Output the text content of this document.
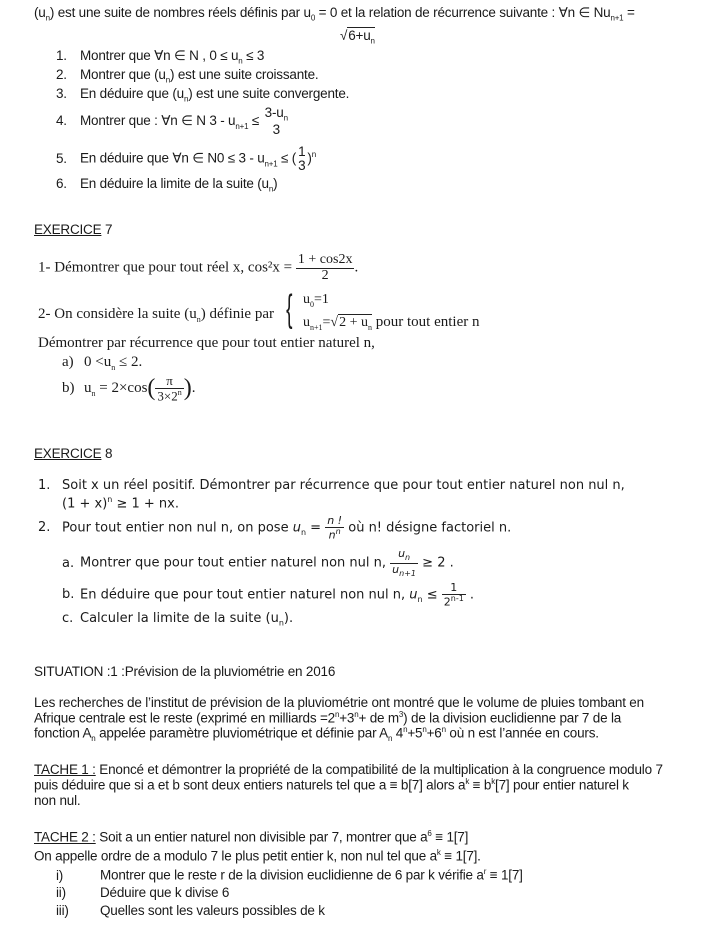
$(u_n)$ est une suite de nombres réels définis par $u_0 = 0$ et la relation de récurrence suivante : ∀n ∈ $Nu_{n+1}$ =
$√6+u_n$
1. Montrer que ∀n ∈ N , $0 \le u_n \le 3$
2. Montrer que $(u_n)$ est une suite croissante.
3. En déduire que $(u_n)$ est une suite convergente.
4. Montrer que : ∀n ∈ N $3 - u_{n+1}$ ≤
$3-u_n$
3
5. En déduire que ∀n ∈ $N0 \le 3 - u_{n+1}$ ≤ ( 1
3 )$^n$
6. En déduire la limite de la suite $(u_n)$
EXERCICE 7
1- Démontrer que pour tout réel x, $\cos^2x = \frac{1 + \cos 2x}{2}$ .
2- On considère la suite $(u_n)$ définie par { $u_0=1$
$u_{n+1}=√2 + u_n$ pour tout entier n
Démontrer par récurrence que pour tout entier naturel n,
a) $0 <u_n \le 2$.
b) $u_n = 2\times\cos( \frac{\pi}{3\times 2^n}$ ).
EXERCICE 8
1. Soit x un réel positif. Démontrer par récurrence que pour tout entier naturel non nul n,
$(1 + x)^n \ge 1$ + nx.
2. Pour tout entier non nul n, on pose $u_n = \frac{n !}{n^n}$ où n! désigne factoriel n.
a. Montrer que pour tout entier naturel non nul n, $\frac{u_n}{u_{n+1}} \ge 2$ .
b. En déduire que pour tout entier naturel non nul n, $u_n \le \frac{1}{2^{n-1}}$ .
c. Calculer la limite de la suite $(u_n)$.
SITUATION :1 :Prévision de la pluviométrie en 2016
Les recherches de l’institut de prévision de la pluviométrie ont montré que le volume de pluies tombant en
Afrique centrale est le reste (exprimé en milliards $=2^n+3^n+$ de $m^3$) de la division euclidienne par 7 de la
fonction $A_n$ appelée paramètre pluviométrique et définie par $A_n$ $4^n+5^n+6^n$ où n est l’année en cours.
TACHE 1 : Enoncé et démontrer la propriété de la compatibilité de la multiplication à la congruence modulo 7
puis déduire que si a et b sont deux entiers naturels tel que a ≡ b[7] alors $a^k \equiv b^k[7]$ pour entier naturel k
non nul.
TACHE 2 : Soit a un entier naturel non divisible par 7, montrer que $a^6 \equiv 1[7]$
On appelle ordre de a modulo 7 le plus petit entier k, non nul tel que $a^k \equiv 1[7]$.
i)	Montrer que le reste r de la division euclidienne de 6 par k vérifie $a^r \equiv 1[7]$
ii)	Déduire que k divise 6
iii) Quelles sont les valeurs possibles de k
